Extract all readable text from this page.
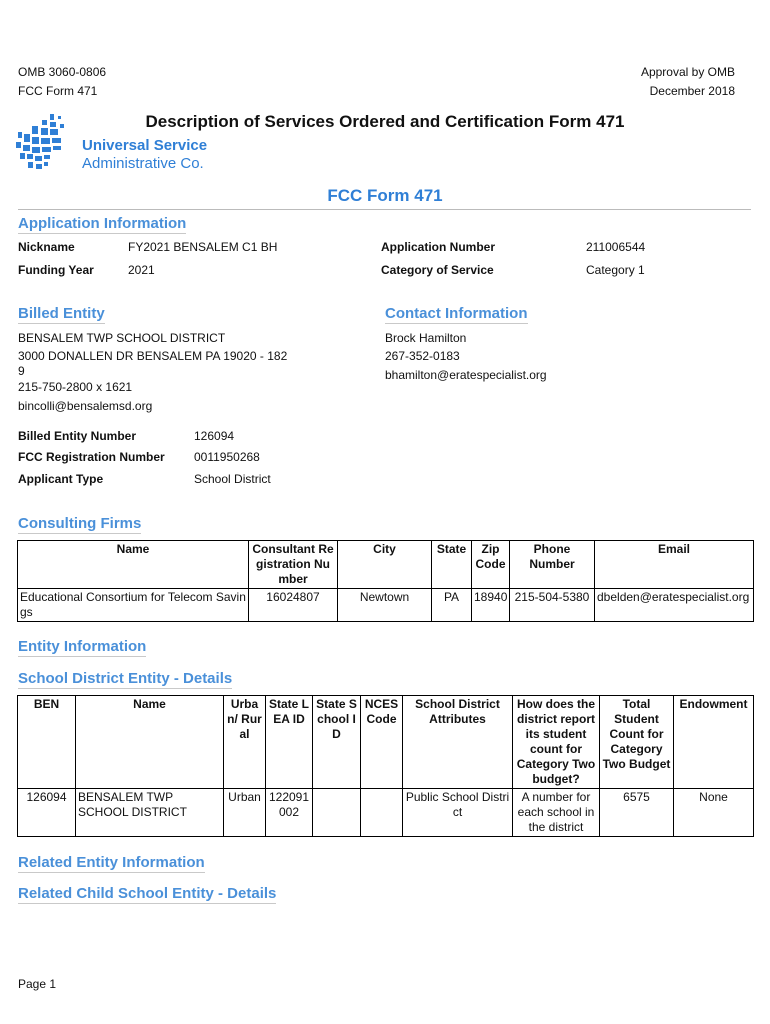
OMB 3060-0806
FCC Form 471
Approval by OMB
December 2018
Universal Service
Administrative Co.
Description of Services Ordered and Certification Form 471
FCC Form 471
Application Information
Nickname	FY2021 BENSALEM C1 BH
Funding Year	2021
Application Number	211006544
Category of Service	Category 1
Billed Entity
BENSALEM TWP SCHOOL DISTRICT
3000 DONALLEN DR BENSALEM PA 19020 - 182
9
215-750-2800 x 1621
bincolli@bensalemsd.org
Contact Information
Brock Hamilton
267-352-0183
bhamilton@eratespecialist.org
Billed Entity Number	126094
FCC Registration Number 0011950268
Applicant Type	School District
Consulting Firms
Name	Consultant Registration Number	City	State	Zip Code	Phone Number	Email
Educational Consortium for Telecom Savings	16024807	Newtown	PA	18940	215-504-5380	dbelden@eratespecialist.org
Entity Information
School District Entity - Details
BEN	Name	Urban/ Rural	State LEA ID	State School ID	NCES Code	School District Attributes	How does the district report its student count for Category Two budget?	Total Student Count for Category Two Budget	Endowment
126094	BENSALEM TWP SCHOOL DISTRICT	Urban	122091002			Public School District	A number for each school in the district	6575	None
Related Entity Information
Related Child School Entity - Details
Page 1
